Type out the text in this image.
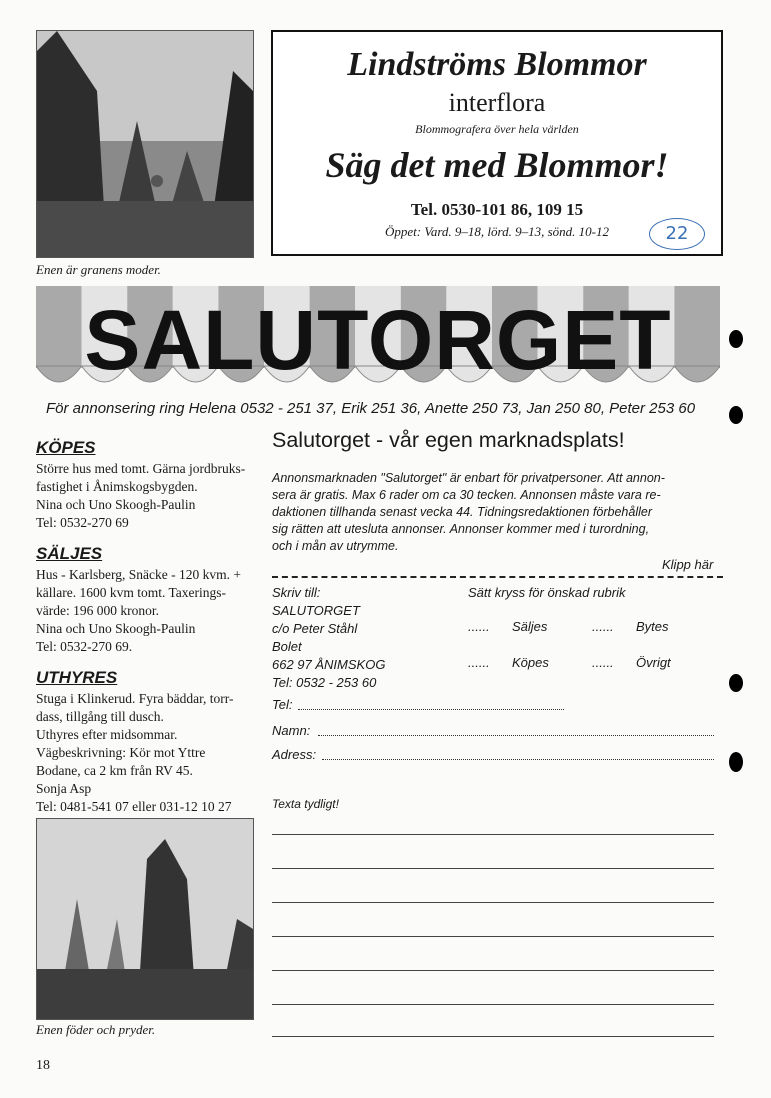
Enen är granens moder.
Lindströms Blommor
interflora
Blommografera över hela världen
Säg det med Blommor!
Tel. 0530-101 86, 109 15
Öppet: Vard. 9–18, lörd. 9–13, sönd. 10-12	22
SALUTORGET
För annonsering ring Helena 0532 - 251 37, Erik 251 36, Anette 250 73, Jan 250 80, Peter 253 60
KÖPES
Större hus med tomt. Gärna jordbruks-
fastighet i Ånimskogsbygden.
Nina och Uno Skoogh-Paulin
Tel: 0532-270 69
SÄLJES
Hus - Karlsberg, Snäcke - 120 kvm. +
källare. 1600 kvm tomt. Taxerings-
värde: 196 000 kronor.
Nina och Uno Skoogh-Paulin
Tel: 0532-270 69.
UTHYRES
Stuga i Klinkerud. Fyra bäddar, torr-
dass, tillgång till dusch.
Uthyres efter midsommar.
Vägbeskrivning: Kör mot Yttre
Bodane, ca 2 km från RV 45.
Sonja Asp
Tel: 0481-541 07 eller 031-12 10 27
Enen föder och pryder.
Salutorget - vår egen marknadsplats!
Annonsmarknaden "Salutorget" är enbart för privatpersoner. Att annon-
sera är gratis. Max 6 rader om ca 30 tecken. Annonsen måste vara re-
daktionen tillhanda senast vecka 44. Tidningsredaktionen förbehåller
sig rätten att utesluta annonser. Annonser kommer med i turordning,
och i mån av utrymme.
Klipp här
Skriv till:
SALUTORGET
c/o Peter Ståhl
Bolet
662 97 ÅNIMSKOG
Tel: 0532 - 253 60
Sätt kryss för önskad rubrik
...... Säljes	...... Bytes
...... Köpes	...... Övrigt
Tel:
Namn:
Adress:
Texta tydligt!
18
